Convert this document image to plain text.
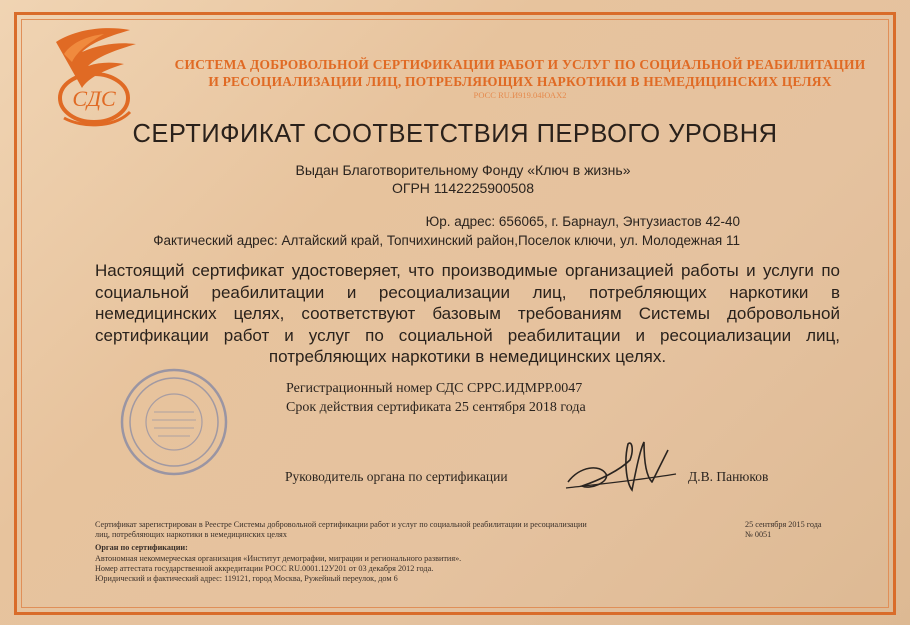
СДС
СИСТЕМА ДОБРОВОЛЬНОЙ СЕРТИФИКАЦИИ РАБОТ И УСЛУГ ПО СОЦИАЛЬНОЙ РЕАБИЛИТАЦИИ
И РЕСОЦИАЛИЗАЦИИ ЛИЦ, ПОТРЕБЛЯЮЩИХ НАРКОТИКИ В НЕМЕДИЦИНСКИХ ЦЕЛЯХ
РОСС RU.И919.04ЮАХ2
СЕРТИФИКАТ СООТВЕТСТВИЯ ПЕРВОГО УРОВНЯ
Выдан Благотворительному Фонду «Ключ в жизнь»
ОГРН 1142225900508
Юр. адрес: 656065, г. Барнаул, Энтузиастов 42-40
Фактический адрес: Алтайский край, Топчихинский район,Поселок ключи, ул. Молодежная 11
Настоящий сертификат удостоверяет, что производимые организацией работы и услуги по социальной реабилитации и ресоциализации лиц, потребляющих наркотики в немедицинских целях, соответствуют базовым требованиям Системы добровольной сертификации работ и услуг по социальной реабилитации и ресоциализации лиц, потребляющих наркотики в немедицинских целях.
Регистрационный номер СДС СРРС.ИДМРР.0047
Срок действия сертификата 25 сентября 2018 года
Руководитель органа по сертификации	Д.В. Панюков
Сертификат зарегистрирован в Реестре Системы добровольной сертификации работ и услуг по социальной реабилитации и ресоциализации
лиц, потребляющих наркотики в немедицинских целях
25 сентября 2015 года
№ 0051
Орган по сертификации:
Автономная некоммерческая организация «Институт демографии, миграции и регионального развития».
Номер аттестата государственной аккредитации РОСС RU.0001.12У201 от 03 декабря 2012 года.
Юридический и фактический адрес: 119121, город Москва, Ружейный переулок, дом 6
